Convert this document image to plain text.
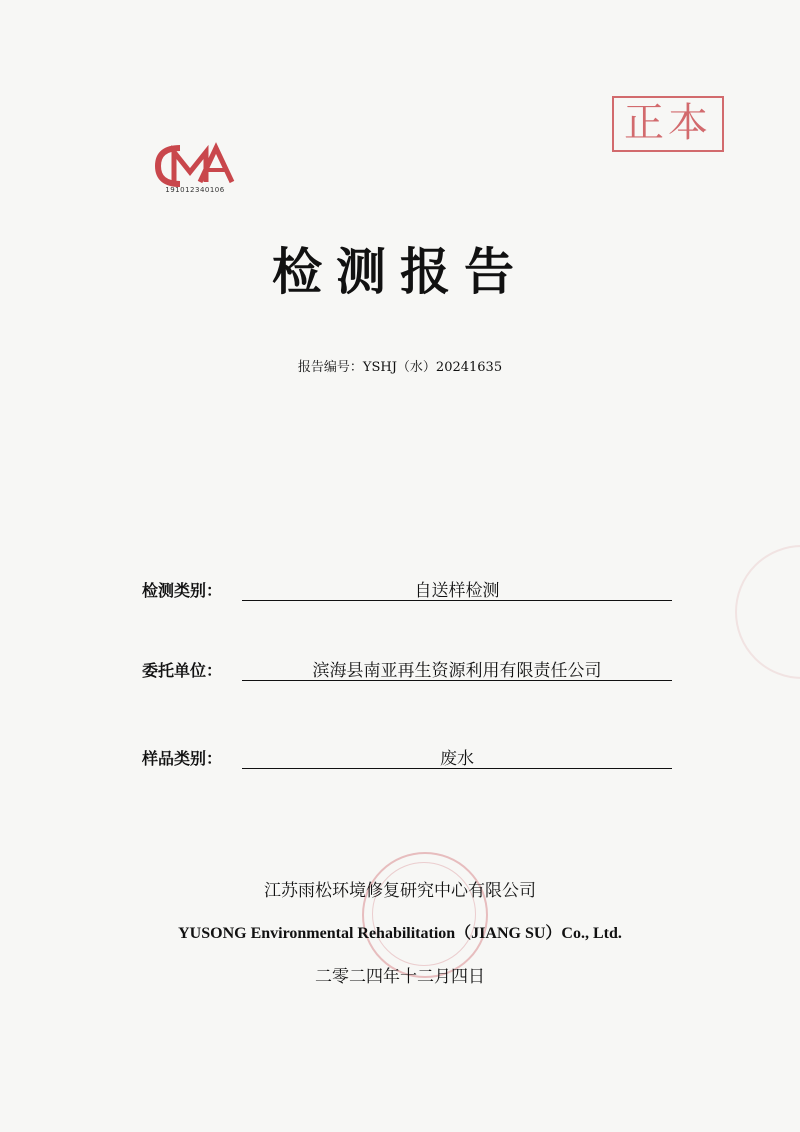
191012340106
正本
检测报告
报告编号：YSHJ（水）20241635
检测类别：	自送样检测
委托单位：	滨海县南亚再生资源利用有限责任公司
样品类别：	废水
江苏雨松环境修复研究中心有限公司
YUSONG Environmental Rehabilitation（JIANG SU）Co., Ltd.
二零二四年十二月四日
